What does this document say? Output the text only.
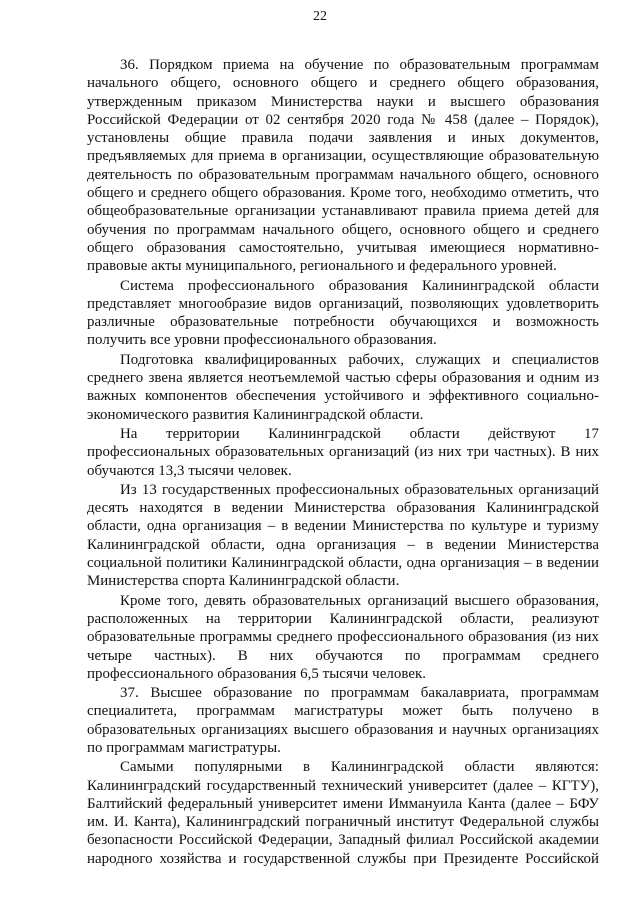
22

36. Порядком приема на обучение по образовательным программам начального общего, основного общего и среднего общего образования, утвержденным приказом Министерства науки и высшего образования Российской Федерации от 02 сентября 2020 года № 458 (далее – Порядок), установлены общие правила подачи заявления и иных документов, предъявляемых для приема в организации, осуществляющие образовательную деятельность по образовательным программам начального общего, основного общего и среднего общего образования. Кроме того, необходимо отметить, что общеобразовательные организации устанавливают правила приема детей для обучения по программам начального общего, основного общего и среднего общего образования самостоятельно, учитывая имеющиеся нормативно-правовые акты муниципального, регионального и федерального уровней.

Система профессионального образования Калининградской области представляет многообразие видов организаций, позволяющих удовлетворить различные образовательные потребности обучающихся и возможность получить все уровни профессионального образования.

Подготовка квалифицированных рабочих, служащих и специалистов среднего звена является неотъемлемой частью сферы образования и одним из важных компонентов обеспечения устойчивого и эффективного социально-экономического развития Калининградской области.

На территории Калининградской области действуют 17 профессиональных образовательных организаций (из них три частных). В них обучаются 13,3 тысячи человек.

Из 13 государственных профессиональных образовательных организаций десять находятся в ведении Министерства образования Калининградской области, одна организация – в ведении Министерства по культуре и туризму Калининградской области, одна организация – в ведении Министерства социальной политики Калининградской области, одна организация – в ведении Министерства спорта Калининградской области.

Кроме того, девять образовательных организаций высшего образования, расположенных на территории Калининградской области, реализуют образовательные программы среднего профессионального образования (из них четыре частных). В них обучаются по программам среднего профессионального образования 6,5 тысячи человек.

37. Высшее образование по программам бакалавриата, программам специалитета, программам магистратуры может быть получено в образовательных организациях высшего образования и научных организациях по программам магистратуры.

Самыми популярными в Калининградской области являются: Калининградский государственный технический университет (далее – КГТУ), Балтийский федеральный университет имени Иммануила Канта (далее – БФУ им. И. Канта), Калининградский пограничный институт Федеральной службы безопасности Российской Федерации, Западный филиал Российской академии народного хозяйства и государственной службы при Президенте Российской
